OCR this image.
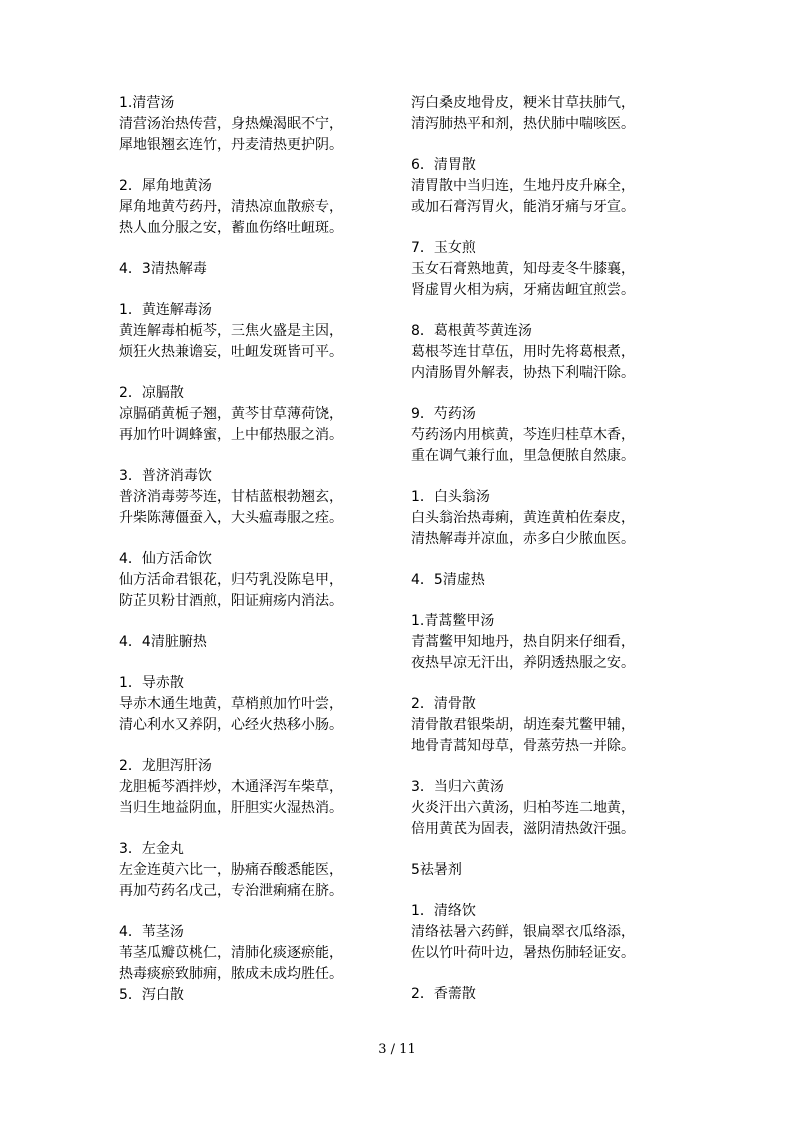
1.清营汤
清营汤治热传营，身热燥渴眠不宁，
犀地银翘玄连竹，丹麦清热更护阴。
2．犀角地黄汤
犀角地黄芍药丹，清热凉血散瘀专，
热人血分服之安，蓄血伤络吐衄斑。
4．3清热解毒
1．黄连解毒汤
黄连解毒柏栀芩，三焦火盛是主因，
烦狂火热兼谵妄，吐衄发斑皆可平。
2．凉膈散
凉膈硝黄栀子翘，黄芩甘草薄荷饶，
再加竹叶调蜂蜜，上中郁热服之消。
3．普济消毒饮
普济消毒蒡芩连，甘桔蓝根勃翘玄，
升柴陈薄僵蚕入，大头瘟毒服之痊。
4．仙方活命饮
仙方活命君银花，归芍乳没陈皂甲，
防芷贝粉甘酒煎，阳证痈疡内消法。
4．4清脏腑热
1．导赤散
导赤木通生地黄，草梢煎加竹叶尝，
清心利水又养阴，心经火热移小肠。
2．龙胆泻肝汤
龙胆栀芩酒拌炒，木通泽泻车柴草，
当归生地益阴血，肝胆实火湿热消。
3．左金丸
左金连萸六比一，胁痛吞酸悉能医，
再加芍药名戊己，专治泄痢痛在脐。
4．苇茎汤
苇茎瓜瓣苡桃仁，清肺化痰逐瘀能，
热毒痰瘀致肺痈，脓成未成均胜任。
5．泻白散
泻白桑皮地骨皮，粳米甘草扶肺气，
清泻肺热平和剂，热伏肺中喘咳医。
6．清胃散
清胃散中当归连，生地丹皮升麻全，
或加石膏泻胃火，能消牙痛与牙宣。
7．玉女煎
玉女石膏熟地黄，知母麦冬牛膝襄，
肾虚胃火相为病，牙痛齿衄宜煎尝。
8．葛根黄芩黄连汤
葛根芩连甘草伍，用时先将葛根煮，
内清肠胃外解表，协热下利喘汗除。
9．芍药汤
芍药汤内用槟黄，芩连归桂草木香，
重在调气兼行血，里急便脓自然康。
1．白头翁汤
白头翁治热毒痢，黄连黄柏佐秦皮，
清热解毒并凉血，赤多白少脓血医。
4．5清虚热
1.青蒿鳖甲汤
青蒿鳖甲知地丹，热自阴来仔细看，
夜热早凉无汗出，养阴透热服之安。
2．清骨散
清骨散君银柴胡，胡连秦艽鳖甲辅，
地骨青蒿知母草，骨蒸劳热一并除。
3．当归六黄汤
火炎汗出六黄汤，归柏芩连二地黄，
倍用黄芪为固表，滋阴清热敛汗强。
5祛暑剂
1．清络饮
清络祛暑六药鲜，银扁翠衣瓜络添，
佐以竹叶荷叶边，暑热伤肺轻证安。
2．香薷散
3 / 11
